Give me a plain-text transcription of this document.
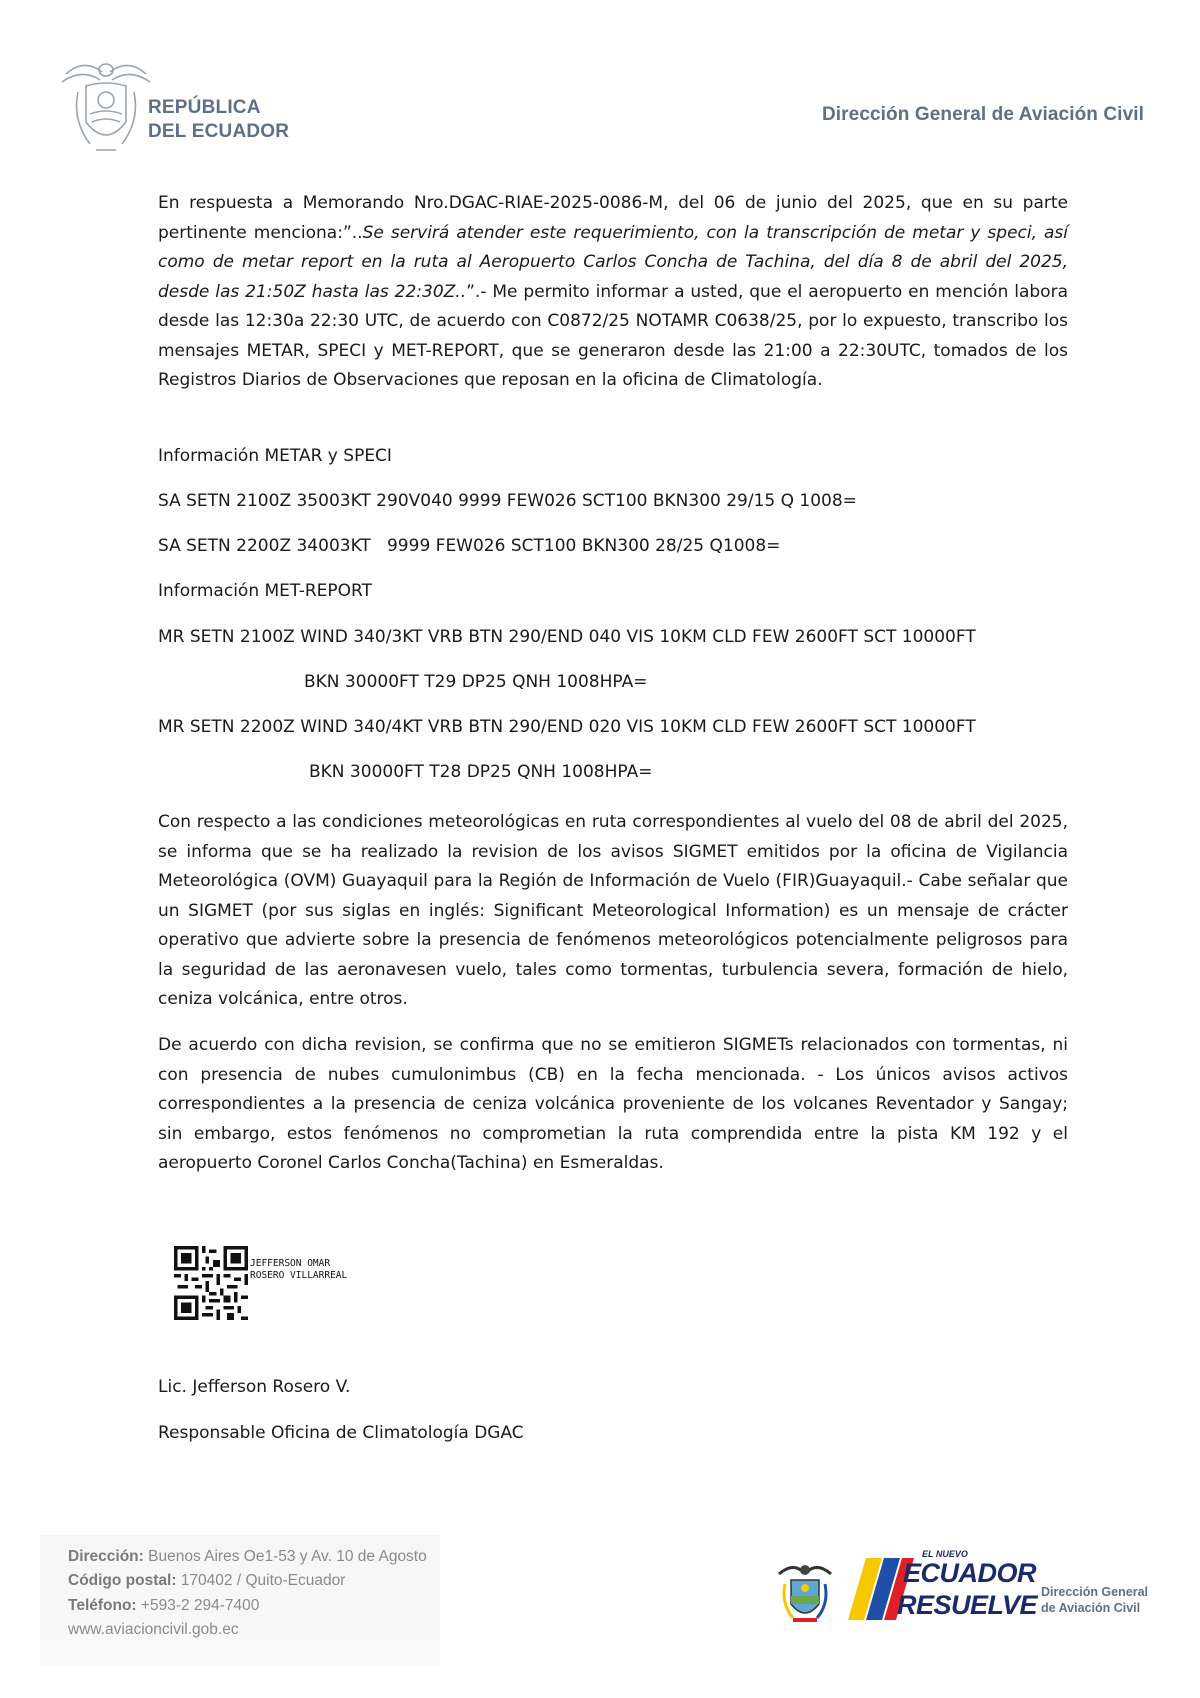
REPÚBLICA
DEL ECUADOR
Dirección General de Aviación Civil
En respuesta a Memorando Nro.DGAC-RIAE-2025-0086-M, del 06 de junio del 2025, que en su parte pertinente menciona:”..Se servirá atender este requerimiento, con la transcripción de metar y speci, así como de metar report en la ruta al Aeropuerto Carlos Concha de Tachina, del día 8 de abril del 2025, desde las 21:50Z hasta las 22:30Z..”.- Me permito informar a usted, que el aeropuerto en mención labora desde las 12:30a 22:30 UTC, de acuerdo con C0872/25 NOTAMR C0638/25, por lo expuesto, transcribo los mensajes METAR, SPECI y MET-REPORT, que se generaron desde las 21:00 a 22:30UTC, tomados de los Registros Diarios de Observaciones que reposan en la oficina de Climatología.
Información METAR y SPECI
SA SETN 2100Z 35003KT 290V040 9999 FEW026 SCT100 BKN300 29/15 Q 1008=
SA SETN 2200Z 34003KT   9999 FEW026 SCT100 BKN300 28/25 Q1008=
Información MET-REPORT
MR SETN 2100Z WIND 340/3KT VRB BTN 290/END 040 VIS 10KM CLD FEW 2600FT SCT 10000FT
BKN 30000FT T29 DP25 QNH 1008HPA=
MR SETN 2200Z WIND 340/4KT VRB BTN 290/END 020 VIS 10KM CLD FEW 2600FT SCT 10000FT
BKN 30000FT T28 DP25 QNH 1008HPA=
Con respecto a las condiciones meteorológicas en ruta correspondientes al vuelo del 08 de abril del 2025, se informa que se ha realizado la revision de los avisos SIGMET emitidos por la oficina de Vigilancia Meteorológica (OVM) Guayaquil para la Región de Información de Vuelo (FIR)Guayaquil.- Cabe señalar que un SIGMET (por sus siglas en inglés: Significant Meteorological Information) es un mensaje de crácter operativo que advierte sobre la presencia de fenómenos meteorológicos potencialmente peligrosos para la seguridad de las aeronavesen vuelo, tales como tormentas, turbulencia severa, formación de hielo, ceniza volcánica, entre otros.
De acuerdo con dicha revision, se confirma que no se emitieron SIGMETs relacionados con tormentas, ni con presencia de nubes cumulonimbus (CB) en la fecha mencionada. - Los únicos avisos activos correspondientes a la presencia de ceniza volcánica proveniente de los volcanes Reventador y Sangay; sin embargo, estos fenómenos no comprometian la ruta comprendida entre la pista KM 192 y el aeropuerto Coronel Carlos Concha(Tachina) en Esmeraldas.

JEFFERSON OMAR
ROSERO VILLARREAL

Lic. Jefferson Rosero V.
Responsable Oficina de Climatología DGAC
Dirección: Buenos Aires Oe1-53 y Av. 10 de Agosto
Código postal: 170402 / Quito-Ecuador
Teléfono: +593-2 294-7400
www.aviacioncivil.gob.ec
EL NUEVO
ECUADOR
RESUELVE Dirección General
de Aviación Civil
